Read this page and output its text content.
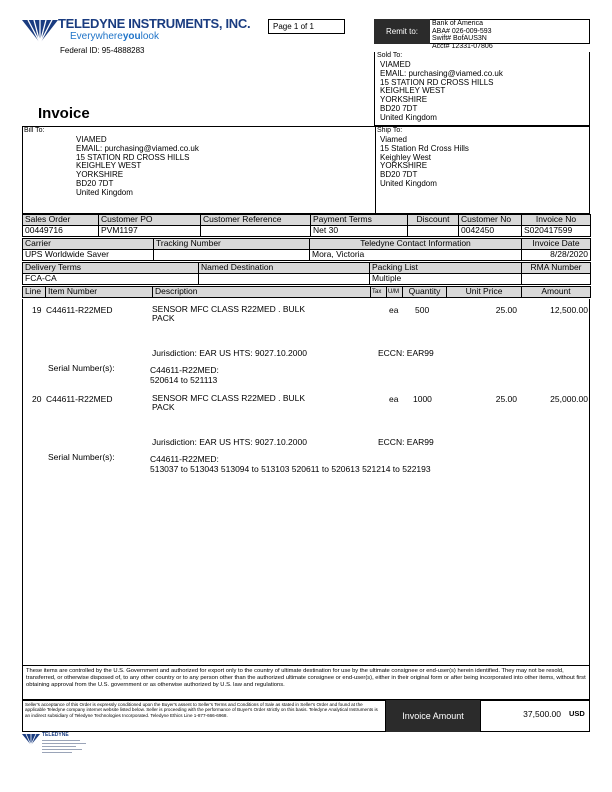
TELEDYNE INSTRUMENTS, INC.
Everywhereyoulook
Federal ID: 95-4888283
Page 1 of 1
Remit to:
Bank of America
ABA# 026-009-593
Swift# BofAUS3N
Acct# 12331-07806
Sold To:
VIAMED
EMAIL: purchasing@viamed.co.uk
15 STATION RD CROSS HILLS
KEIGHLEY WEST
YORKSHIRE
BD20 7DT
United Kingdom
Invoice
Bill To:
VIAMED
EMAIL: purchasing@viamed.co.uk
15 STATION RD CROSS HILLS
KEIGHLEY WEST
YORKSHIRE
BD20 7DT
United Kingdom
Ship To:
Viamed
15 Station Rd Cross Hills
Keighley West
YORKSHIRE
BD20 7DT
United Kingdom
Sales Order	Customer PO	Customer Reference	Payment Terms	Discount	Customer No	Invoice No
00449716	PVM1197		Net 30		0042450	S020417599
Carrier	Tracking Number	Teledyne Contact Information	Invoice Date
UPS Worldwide Saver		Mora, Victoria	8/28/2020
Delivery Terms	Named Destination	Packing List	RMA Number
FCA-CA		Multiple	
Line	Item Number	Description	Tax	U/M	Quantity	Unit Price	Amount
19 C44611-R22MED	SENSOR MFC CLASS R22MED . BULK
PACK
ea 500	25.00	12,500.00
Jurisdiction: EAR US HTS: 9027.10.2000	ECCN: EAR99
Serial Number(s):	C44611-R22MED:
520614 to 521113
20 C44611-R22MED	SENSOR MFC CLASS R22MED . BULK
PACK
ea 1000	25.00	25,000.00
Jurisdiction: EAR US HTS: 9027.10.2000	ECCN: EAR99
Serial Number(s):	C44611-R22MED:
513037 to 513043 513094 to 513103 520611 to 520613 521214 to 522193
These items are controlled by the U.S. Government and authorized for export only to the country of ultimate destination for use by the ultimate consignee or end-user(s) herein identified. They may not be resold, transferred, or otherwise disposed of, to any other country or to any person other than the authorized ultimate consignee or end-user(s), either in their original form or after being incorporated into other items, without first obtaining approval from the U.S. government or as otherwise authorized by U.S. law and regulations.
Seller's acceptance of this Order is expressly conditioned upon the Buyer's assent to Seller's Terms and Conditions of Sale as stated in Seller's Order and found at the applicable Teledyne company internet website listed below. Seller is proceeding with the performance of Buyer's Order strictly on this basis. Teledyne Analytical Instruments is an indirect subsidiary of Teledyne Technologies Incorporated. Teledyne Ethics Line 1-877-666-6968.	Invoice Amount	37,500.00 USD
TELEDYNE
